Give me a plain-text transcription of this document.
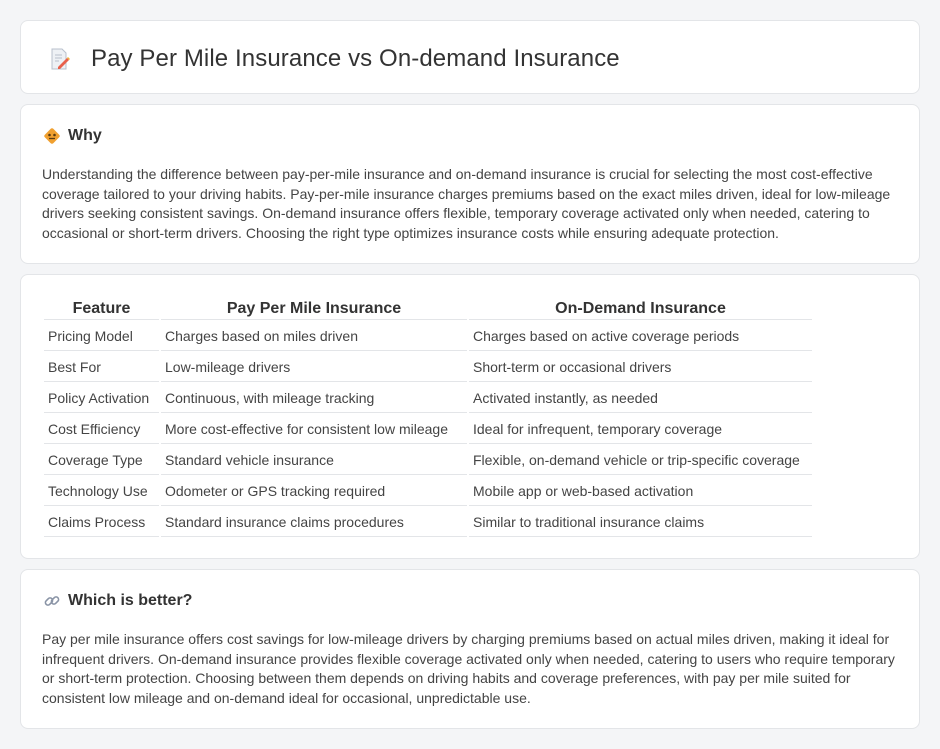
Pay Per Mile Insurance vs On-demand Insurance
Why

Understanding the difference between pay-per-mile insurance and on-demand insurance is crucial for selecting the most cost-effective coverage tailored to your driving habits. Pay-per-mile insurance charges premiums based on the exact miles driven, ideal for low-mileage drivers seeking consistent savings. On-demand insurance offers flexible, temporary coverage activated only when needed, catering to occasional or short-term drivers. Choosing the right type optimizes insurance costs while ensuring adequate protection.

Feature	Pay Per Mile Insurance	On-Demand Insurance
Pricing Model	Charges based on miles driven	Charges based on active coverage periods
Best For	Low-mileage drivers	Short-term or occasional drivers
Policy Activation	Continuous, with mileage tracking	Activated instantly, as needed
Cost Efficiency	More cost-effective for consistent low mileage	Ideal for infrequent, temporary coverage
Coverage Type	Standard vehicle insurance	Flexible, on-demand vehicle or trip-specific coverage
Technology Use	Odometer or GPS tracking required	Mobile app or web-based activation
Claims Process	Standard insurance claims procedures	Similar to traditional insurance claims
Which is better?

Pay per mile insurance offers cost savings for low-mileage drivers by charging premiums based on actual miles driven, making it ideal for infrequent drivers. On-demand insurance provides flexible coverage activated only when needed, catering to users who require temporary or short-term protection. Choosing between them depends on driving habits and coverage preferences, with pay per mile suited for consistent low mileage and on-demand ideal for occasional, unpredictable use.
